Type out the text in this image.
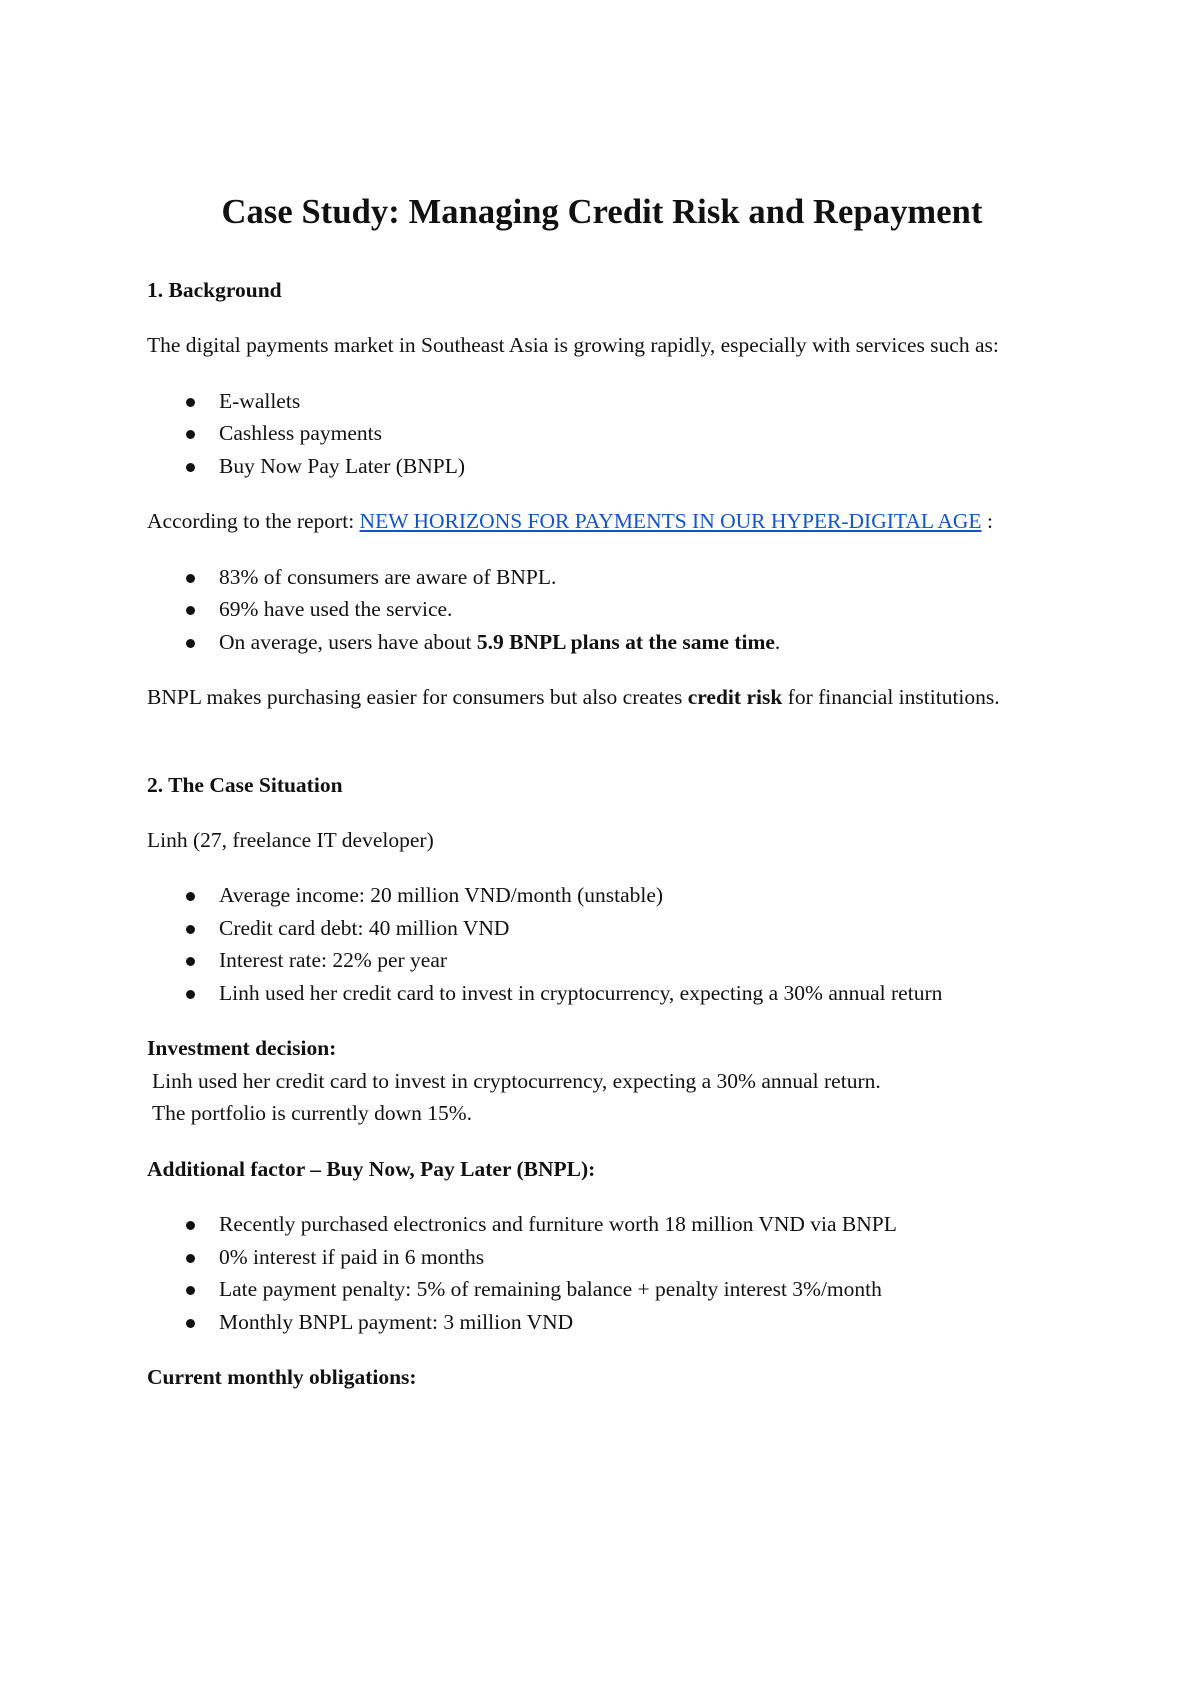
Case Study: Managing Credit Risk and Repayment
1. Background

The digital payments market in Southeast Asia is growing rapidly, especially with services such as:

E-wallets
Cashless payments
Buy Now Pay Later (BNPL)

According to the report: NEW HORIZONS FOR PAYMENTS IN OUR HYPER-DIGITAL AGE :

83% of consumers are aware of BNPL.
69% have used the service.
On average, users have about 5.9 BNPL plans at the same time.

BNPL makes purchasing easier for consumers but also creates credit risk for financial institutions.

2. The Case Situation

Linh (27, freelance IT developer)

Average income: 20 million VND/month (unstable)
Credit card debt: 40 million VND
Interest rate: 22% per year
Linh used her credit card to invest in cryptocurrency, expecting a 30% annual return

Investment decision:

Linh used her credit card to invest in cryptocurrency, expecting a 30% annual return.

The portfolio is currently down 15%.

Additional factor – Buy Now, Pay Later (BNPL):

Recently purchased electronics and furniture worth 18 million VND via BNPL
0% interest if paid in 6 months
Late payment penalty: 5% of remaining balance + penalty interest 3%/month
Monthly BNPL payment: 3 million VND

Current monthly obligations:
